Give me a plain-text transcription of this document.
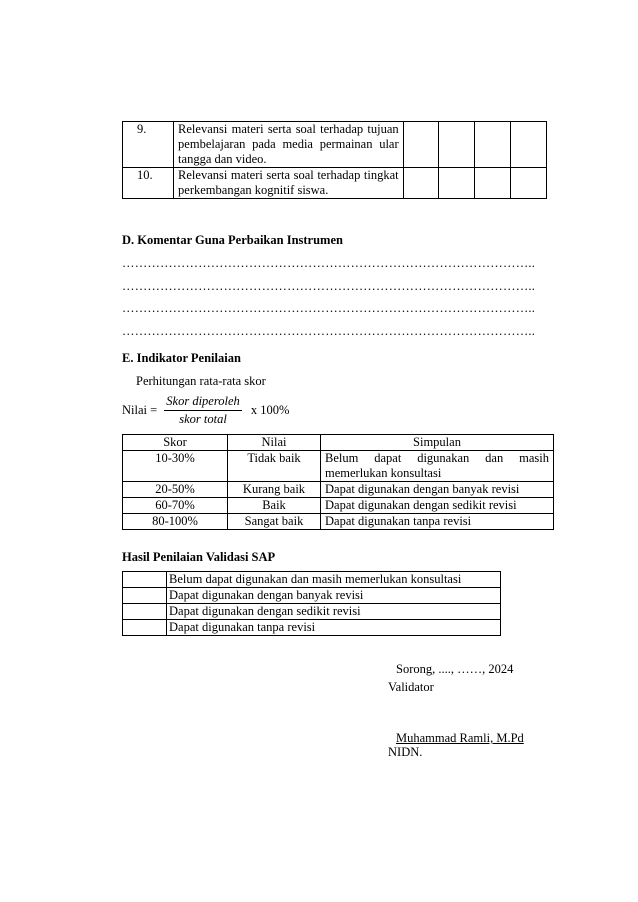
9.	Relevansi materi serta soal terhadap tujuan pembelajaran pada media permainan ular tangga dan video.				
10.	Relevansi materi serta soal terhadap tingkat perkembangan kognitif siswa.				
D. Komentar Guna Perbaikan Instrumen
……………………………………………………………………………………..
……………………………………………………………………………………..
……………………………………………………………………………………..
……………………………………………………………………………………..
E. Indikator Penilaian
Perhitungan rata-rata skor
Nilai = $\frac{\text{Skor diperoleh}}{\text{skor total}}$ x 100%
Skor	Nilai	Simpulan
10-30%	Tidak baik	Belum dapat digunakan dan masih memerlukan konsultasi
20-50%	Kurang baik	Dapat digunakan dengan banyak revisi
60-70%	Baik	Dapat digunakan dengan sedikit revisi
80-100%	Sangat baik	Dapat digunakan tanpa revisi
Hasil Penilaian Validasi SAP
	Belum dapat digunakan dan masih memerlukan konsultasi
	Dapat digunakan dengan banyak revisi
	Dapat digunakan dengan sedikit revisi
	Dapat digunakan tanpa revisi
Sorong, ...., ……, 2024
Validator
Muhammad Ramli, M.Pd
NIDN.
